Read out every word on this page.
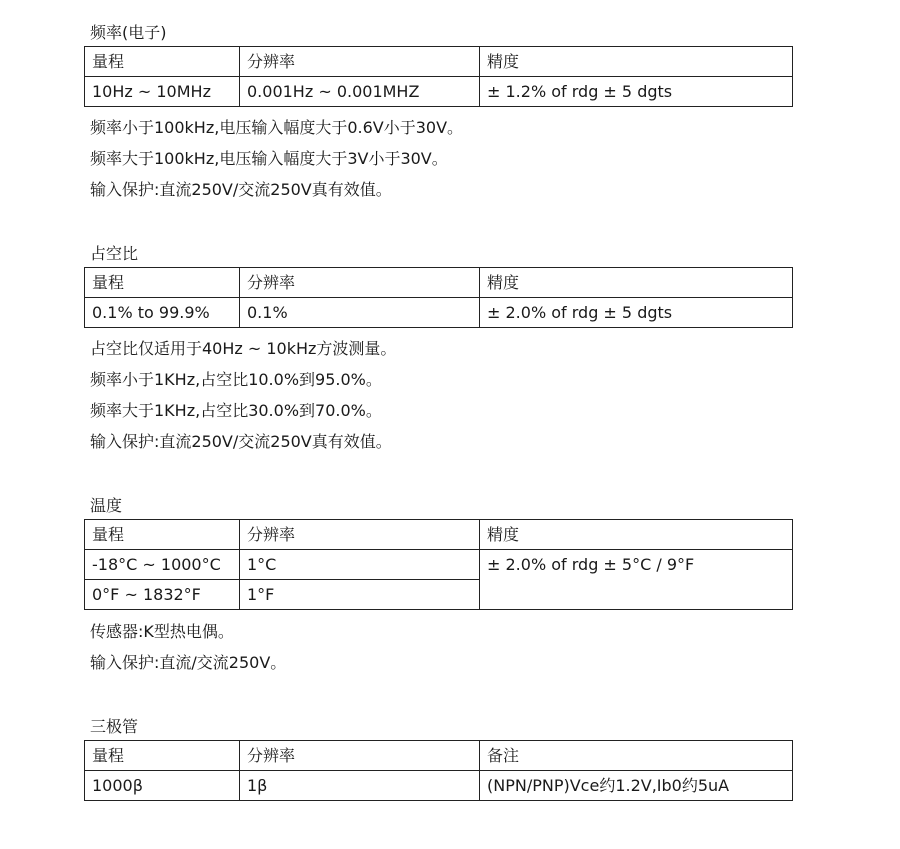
频率(电子)
量程	分辨率	精度
10Hz ~ 10MHz	0.001Hz ~ 0.001MHZ	± 1.2% of rdg ± 5 dgts
频率小于100kHz,电压输入幅度大于0.6V小于30V。
频率大于100kHz,电压输入幅度大于3V小于30V。
输入保护:直流250V/交流250V真有效值。
占空比
量程	分辨率	精度
0.1% to 99.9%	0.1%	± 2.0% of rdg ± 5 dgts
占空比仅适用于40Hz ~ 10kHz方波测量。
频率小于1KHz,占空比10.0%到95.0%。
频率大于1KHz,占空比30.0%到70.0%。
输入保护:直流250V/交流250V真有效值。
温度
量程	分辨率	精度
-18°C ~ 1000°C	1°C	± 2.0% of rdg ± 5°C / 9°F
0°F ~ 1832°F	1°F	
传感器:K型热电偶。
输入保护:直流/交流250V。
三极管
量程	分辨率	备注
1000β	1β	(NPN/PNP)Vce约1.2V,Ib0约5uA
